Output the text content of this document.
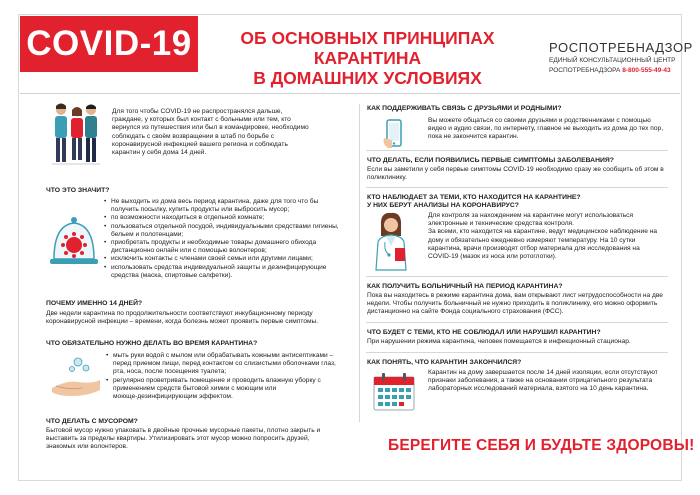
COVID-19	ОБ ОСНОВНЫХ ПРИНЦИПАХ КАРАНТИНА
В ДОМАШНИХ УСЛОВИЯХ
РОСПОТРЕБНАДЗОР
ЕДИНЫЙ КОНСУЛЬТАЦИОННЫЙ ЦЕНТР
РОСПОТРЕБНАДЗОРА 8-800-555-49-43
Для того чтобы COVID-19 не распространялся дальше,
граждане, у которых был контакт с больными или тем, кто
вернулся из путешествия или был в командировке, необходимо
соблюдать с своём возвращении в штаб по борьбе с
коронавирусной инфекцией вашего региона и соблюдать
карантин у себя дома 14 дней.
ЧТО ЭТО ЗНАЧИТ?
• Не выходить из дома весь период карантина, даже для того что бы
получить посылку, купить продукты или выбросить мусор;
• по возможности находиться в отдельной комнате;
• пользоваться отдельной посудой, индивидуальными средствами гигиены,
бельем и полотенцами;
• приобретать продукты и необходимые товары домашнего обихода
дистанционно онлайн или с помощью волонтеров;
• исключить контакты с членами своей семьи или другими лицами;
• использовать средства индивидуальной защиты и дезинфицирующие
средства (маска, спиртовые салфетки).
ПОЧЕМУ ИМЕННО 14 ДНЕЙ?
Две недели карантина по продолжительности соответствуют инкубационному периоду
коронавирусной инфекции – времени, когда болезнь может проявить первые симптомы.
ЧТО ОБЯЗАТЕЛЬНО НУЖНО ДЕЛАТЬ ВО ВРЕМЯ КАРАНТИНА?
• мыть руки водой с мылом или обрабатывать кожными антисептиками –
перед приемом пищи, перед контактом со слизистыми оболочками глаз,
рта, носа, после посещения туалета;
• регулярно проветривать помещение и проводить влажную уборку с
применением средств бытовой химии с моющим или
моюще-дезинфицирующим эффектом.
ЧТО ДЕЛАТЬ С МУСОРОМ?
Бытовой мусор нужно упаковать в двойные прочные мусорные пакеты, плотно закрыть и
выставить за пределы квартиры. Утилизировать этот мусор можно попросить друзей,
знакомых или волонтеров.
КАК ПОДДЕРЖИВАТЬ СВЯЗЬ С ДРУЗЬЯМИ И РОДНЫМИ?
Вы можете общаться со своими друзьями и родственниками с помощью
видео и аудио связи, по интернету, главное не выходить из дома до тех пор,
пока не закончится карантин.
ЧТО ДЕЛАТЬ, ЕСЛИ ПОЯВИЛИСЬ ПЕРВЫЕ СИМПТОМЫ ЗАБОЛЕВАНИЯ?
Если вы заметили у себя первые симптомы COVID-19 необходимо сразу же сообщить об этом в
поликлинику.
КТО НАБЛЮДАЕТ ЗА ТЕМИ, КТО НАХОДИТСЯ НА КАРАНТИНЕ?
У НИХ БЕРУТ АНАЛИЗЫ НА КОРОНАВИРУС?
Для контроля за нахождением на карантине могут использоваться
электронные и технические средства контроля.
За всеми, кто находится на карантине, ведут медицинское наблюдение на
дому и обязательно ежедневно измеряют температуру. На 10 сутки
карантина, врачи производят отбор материала для исследования на
COVID-19 (мазок из носа или ротоглотки).
КАК ПОЛУЧИТЬ БОЛЬНИЧНЫЙ НА ПЕРИОД КАРАНТИНА?
Пока вы находитесь в режиме карантина дома, вам открывают лист нетрудоспособности на две
недели. Чтобы получить больничный не нужно приходить в поликлинику, его можно оформить
дистанционно на сайте Фонда социального страхования (ФСС).
ЧТО БУДЕТ С ТЕМИ, КТО НЕ СОБЛЮДАЛ ИЛИ НАРУШИЛ КАРАНТИН?
При нарушении режима карантина, человек помещается в инфекционный стационар.
КАК ПОНЯТЬ, ЧТО КАРАНТИН ЗАКОНЧИЛСЯ?
Карантин на дому завершается после 14 дней изоляции, если отсутствуют
признаки заболевания, а также на основании отрицательного результата
лабораторных исследований материала, взятого на 10 день карантина.
БЕРЕГИТЕ СЕБЯ И БУДЬТЕ ЗДОРОВЫ!
